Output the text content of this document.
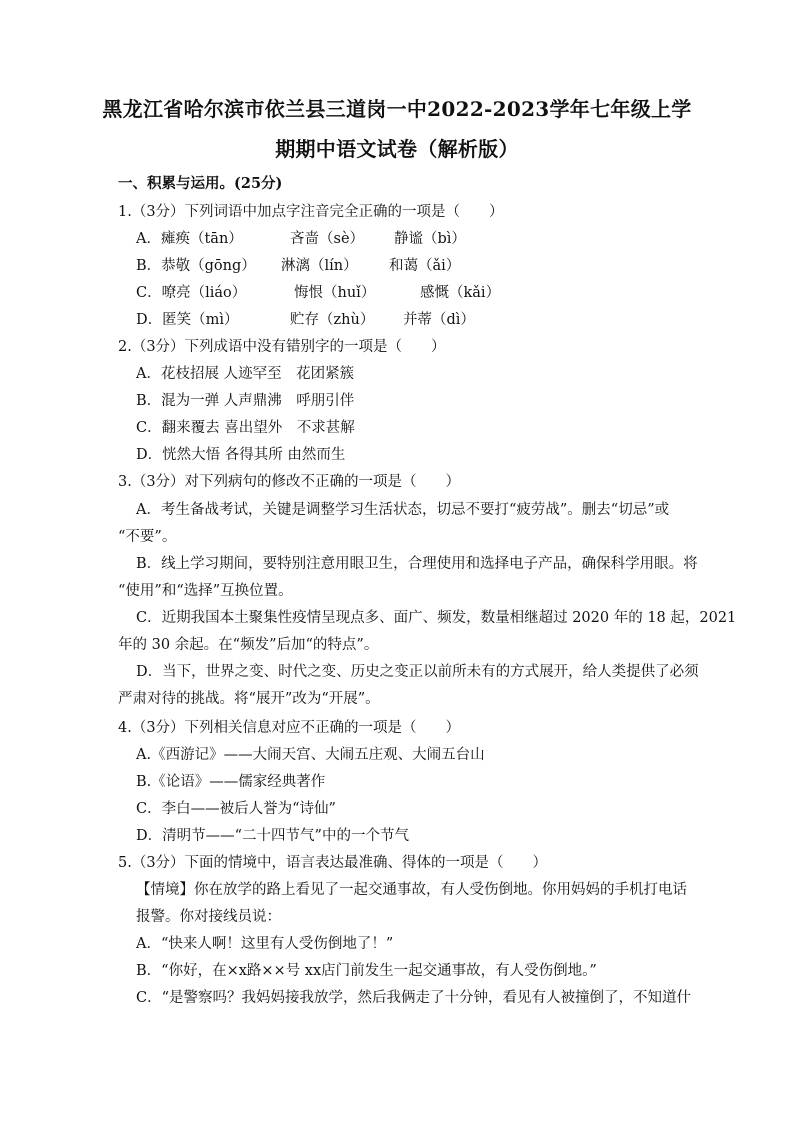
黑龙江省哈尔滨市依兰县三道岗一中2022-2023学年七年级上学
期期中语文试卷（解析版）
一、积累与运用。(25分)
1.（3分）下列词语中加点字注音完全正确的一项是（　　）
A．瘫痪（tān）	吝啬（sè） 静谧（bì）
B．恭敬（gōng） 淋漓（lín） 和蔼（ǎi）
C．嘹亮（liáo）	悔恨（huǐ）	感慨（kǎi）
D．匿笑（mì）	贮存（zhù） 并蒂（dì）
2.（3分）下列成语中没有错别字的一项是（　　）
A．花枝招展 人迹罕至　花团紧簇
B．混为一弹 人声鼎沸　呼朋引伴
C．翻来覆去 喜出望外　不求甚解
D．恍然大悟 各得其所 由然而生
3.（3分）对下列病句的修改不正确的一项是（　　）
A．考生备战考试，关键是调整学习生活状态，切忌不要打“疲劳战”。删去“切忌”或
“不要”。
B．线上学习期间，要特别注意用眼卫生，合理使用和选择电子产品，确保科学用眼。将
“使用”和“选择”互换位置。
C．近期我国本土聚集性疫情呈现点多、面广、频发，数量相继超过 2020 年的 18 起，2021
年的 30 余起。在“频发”后加“的特点”。
D．当下，世界之变、时代之变、历史之变正以前所未有的方式展开，给人类提供了必须
严肃对待的挑战。将“展开”改为“开展”。
4.（3分）下列相关信息对应不正确的一项是（　　）
A.《西游记》——大闹天宫、大闹五庄观、大闹五台山
B.《论语》——儒家经典著作
C．李白——被后人誉为“诗仙”
D．清明节——“二十四节气”中的一个节气
5.（3分）下面的情境中，语言表达最准确、得体的一项是（　　）
【情境】你在放学的路上看见了一起交通事故，有人受伤倒地。你用妈妈的手机打电话
报警。你对接线员说：
A．“快来人啊！这里有人受伤倒地了！”
B．“你好，在×x路××号 xx店门前发生一起交通事故，有人受伤倒地。”
C．“是警察吗？我妈妈接我放学，然后我俩走了十分钟，看见有人被撞倒了，不知道什
